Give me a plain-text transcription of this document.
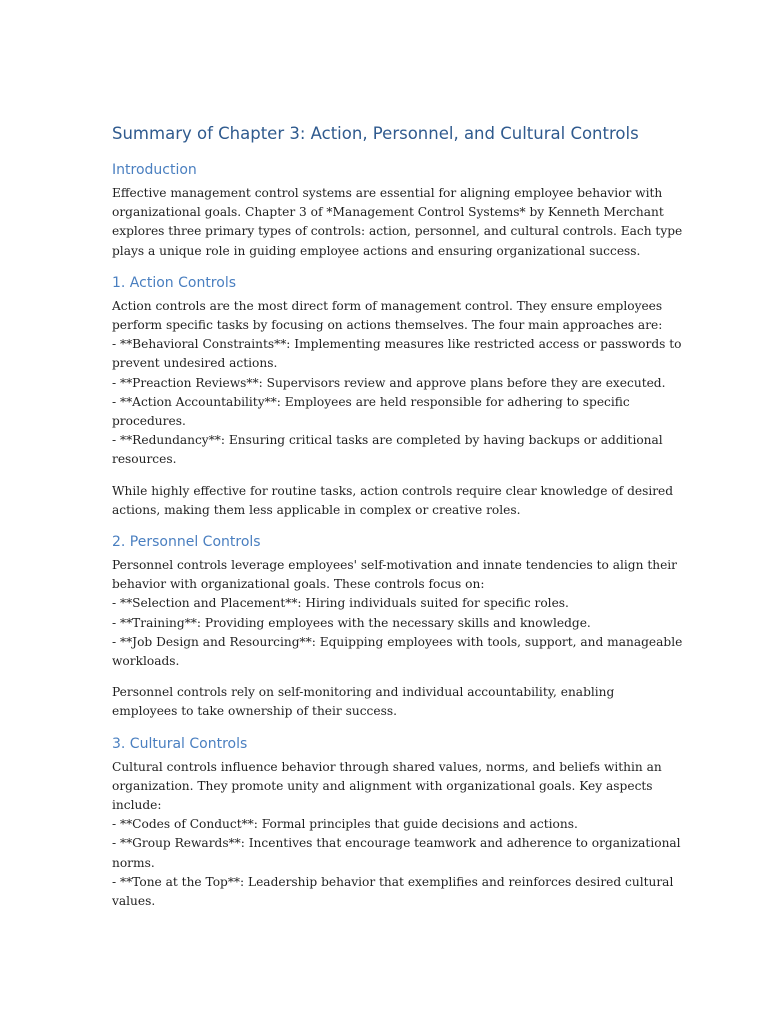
Summary of Chapter 3: Action, Personnel, and Cultural Controls
Introduction

Effective management control systems are essential for aligning employee behavior with
organizational goals. Chapter 3 of *Management Control Systems* by Kenneth Merchant
explores three primary types of controls: action, personnel, and cultural controls. Each type
plays a unique role in guiding employee actions and ensuring organizational success.

1. Action Controls

Action controls are the most direct form of management control. They ensure employees
perform specific tasks by focusing on actions themselves. The four main approaches are:
- **Behavioral Constraints**: Implementing measures like restricted access or passwords to
prevent undesired actions.
- **Preaction Reviews**: Supervisors review and approve plans before they are executed.
- **Action Accountability**: Employees are held responsible for adhering to specific
procedures.
- **Redundancy**: Ensuring critical tasks are completed by having backups or additional
resources.

While highly effective for routine tasks, action controls require clear knowledge of desired
actions, making them less applicable in complex or creative roles.

2. Personnel Controls

Personnel controls leverage employees' self-motivation and innate tendencies to align their
behavior with organizational goals. These controls focus on:
- **Selection and Placement**: Hiring individuals suited for specific roles.
- **Training**: Providing employees with the necessary skills and knowledge.
- **Job Design and Resourcing**: Equipping employees with tools, support, and manageable
workloads.

Personnel controls rely on self-monitoring and individual accountability, enabling
employees to take ownership of their success.

3. Cultural Controls

Cultural controls influence behavior through shared values, norms, and beliefs within an
organization. They promote unity and alignment with organizational goals. Key aspects
include:
- **Codes of Conduct**: Formal principles that guide decisions and actions.
- **Group Rewards**: Incentives that encourage teamwork and adherence to organizational
norms.
- **Tone at the Top**: Leadership behavior that exemplifies and reinforces desired cultural
values.
